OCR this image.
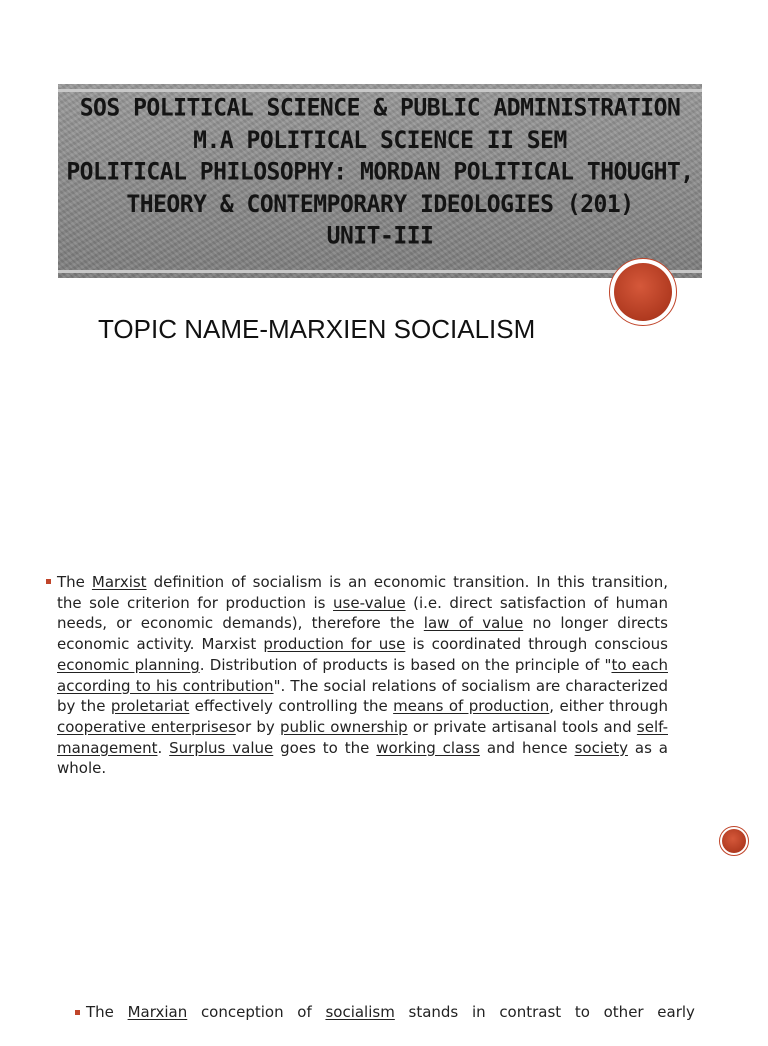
SOS POLITICAL SCIENCE & PUBLIC ADMINISTRATION
M.A POLITICAL SCIENCE II SEM
POLITICAL PHILOSOPHY: MORDAN POLITICAL THOUGHT,
THEORY & CONTEMPORARY IDEOLOGIES (201)
UNIT-III
TOPIC NAME-MARXIEN SOCIALISM
The Marxist definition of socialism is an economic transition. In this transition, the sole criterion for production is use-value (i.e. direct satisfaction of human needs, or economic demands), therefore the law of value no longer directs economic activity. Marxist production for use is coordinated through conscious economic planning. Distribution of products is based on the principle of "to each according to his contribution". The social relations of socialism are characterized by the proletariat effectively controlling the means of production, either through cooperative enterprisesor by public ownership or private artisanal tools and self-management. Surplus value goes to the working class and hence society as a whole.
The Marxian conception of socialism stands in contrast to other early
